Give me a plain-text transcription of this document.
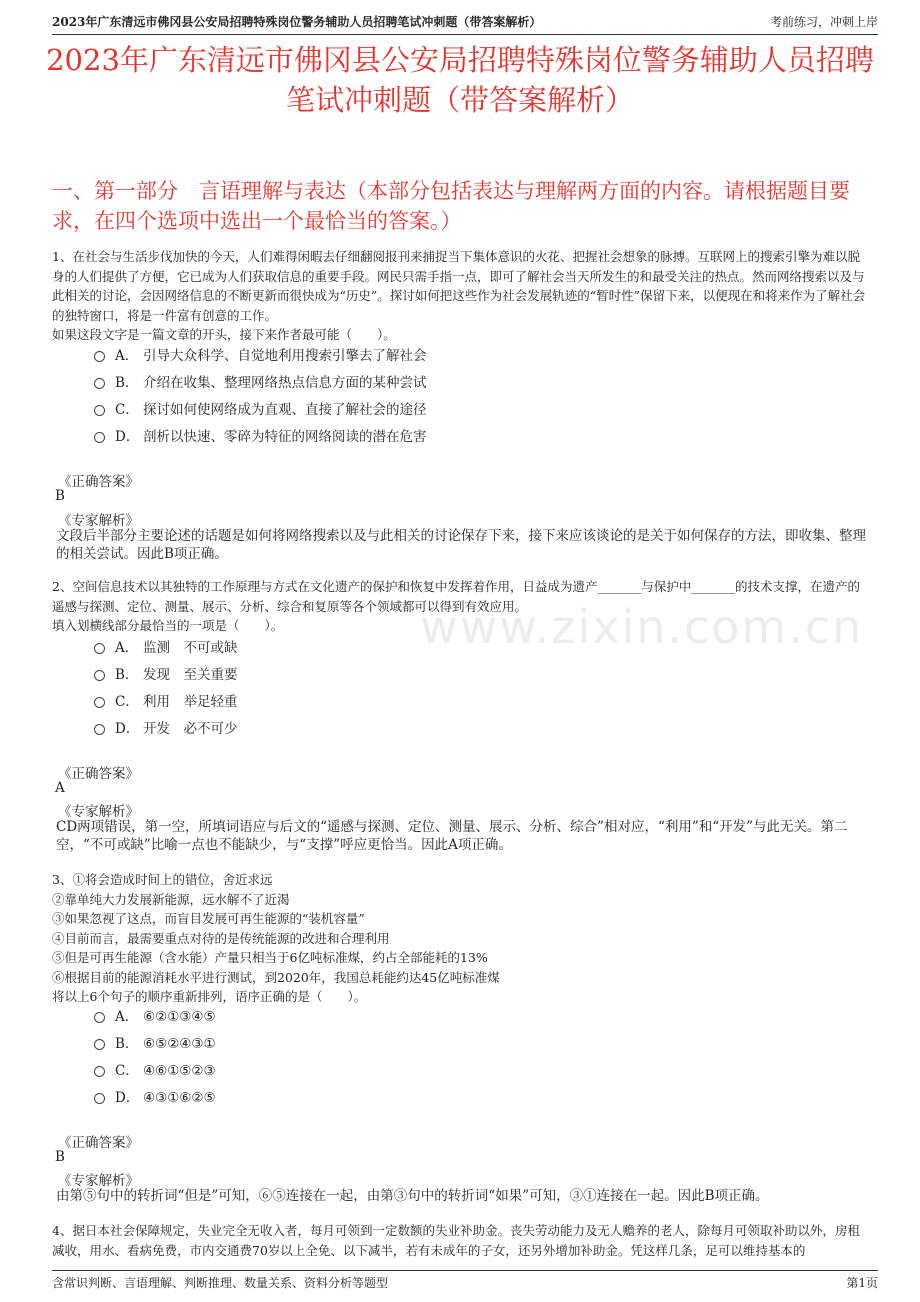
2023年广东清远市佛冈县公安局招聘特殊岗位警务辅助人员招聘笔试冲刺题（带答案解析）	考前练习，冲刺上岸
2023年广东清远市佛冈县公安局招聘特殊岗位警务辅助人员招聘笔试冲刺题（带答案解析）
一、第一部分　言语理解与表达（本部分包括表达与理解两方面的内容。请根据题目要求，在四个选项中选出一个最恰当的答案。）
www.zixin.com.cn

1、在社会与生活步伐加快的今天，人们难得闲暇去仔细翻阅报刊来捕捉当下集体意识的火花、把握社会想象的脉搏。互联网上的搜索引擎为难以脱身的人们提供了方便，它已成为人们获取信息的重要手段。网民只需手指一点，即可了解社会当天所发生的和最受关注的热点。然而网络搜索以及与此相关的讨论，会因网络信息的不断更新而很快成为“历史”。探讨如何把这些作为社会发展轨迹的“暂时性”保留下来，以便现在和将来作为了解社会的独特窗口，将是一件富有创意的工作。

如果这段文字是一篇文章的开头，接下来作者最可能（　　）。

A． 引导大众科学、自觉地利用搜索引擎去了解社会
B． 介绍在收集、整理网络热点信息方面的某种尝试
C． 探讨如何使网络成为直观、直接了解社会的途径
D． 剖析以快速、零碎为特征的网络阅读的潜在危害
《正确答案》
B
《专家解析》
文段后半部分主要论述的话题是如何将网络搜索以及与此相关的讨论保存下来，接下来应该谈论的是关于如何保存的方法，即收集、整理的相关尝试。因此B项正确。

2、空间信息技术以其独特的工作原理与方式在文化遗产的保护和恢复中发挥着作用，日益成为遗产_______与保护中_______的技术支撑，在遗产的遥感与探测、定位、测量、展示、分析、综合和复原等各个领域都可以得到有效应用。

填入划横线部分最恰当的一项是（　　）。

A． 监测　不可或缺
B． 发现　至关重要
C． 利用　举足轻重
D． 开发　必不可少
《正确答案》
A
《专家解析》
CD两项错误，第一空，所填词语应与后文的“遥感与探测、定位、测量、展示、分析、综合”相对应，“利用”和“开发”与此无关。第二空，“不可或缺”比喻一点也不能缺少，与“支撑”呼应更恰当。因此A项正确。

3、①将会造成时间上的错位，舍近求远

②靠单纯大力发展新能源，远水解不了近渴

③如果忽视了这点，而盲目发展可再生能源的“装机容量”

④目前而言，最需要重点对待的是传统能源的改进和合理利用

⑤但是可再生能源（含水能）产量只相当于6亿吨标准煤，约占全部能耗的13%

⑥根据目前的能源消耗水平进行测试，到2020年，我国总耗能约达45亿吨标准煤

将以上6个句子的顺序重新排列，语序正确的是（　　）。

A． ⑥②①③④⑤
B． ⑥⑤②④③①
C． ④⑥①⑤②③
D． ④③①⑥②⑤
《正确答案》
B
《专家解析》
由第⑤句中的转折词“但是”可知，⑥⑤连接在一起，由第③句中的转折词“如果”可知，③①连接在一起。因此B项正确。

4、据日本社会保障规定，失业完全无收入者，每月可领到一定数额的失业补助金。丧失劳动能力及无人赡养的老人，除每月可领取补助以外，房租减收，用水、看病免费，市内交通费70岁以上全免、以下减半，若有未成年的子女，还另外增加补助金。凭这样几条，足可以维持基本的

含常识判断、言语理解、判断推理、数量关系、资料分析等题型	第1页
